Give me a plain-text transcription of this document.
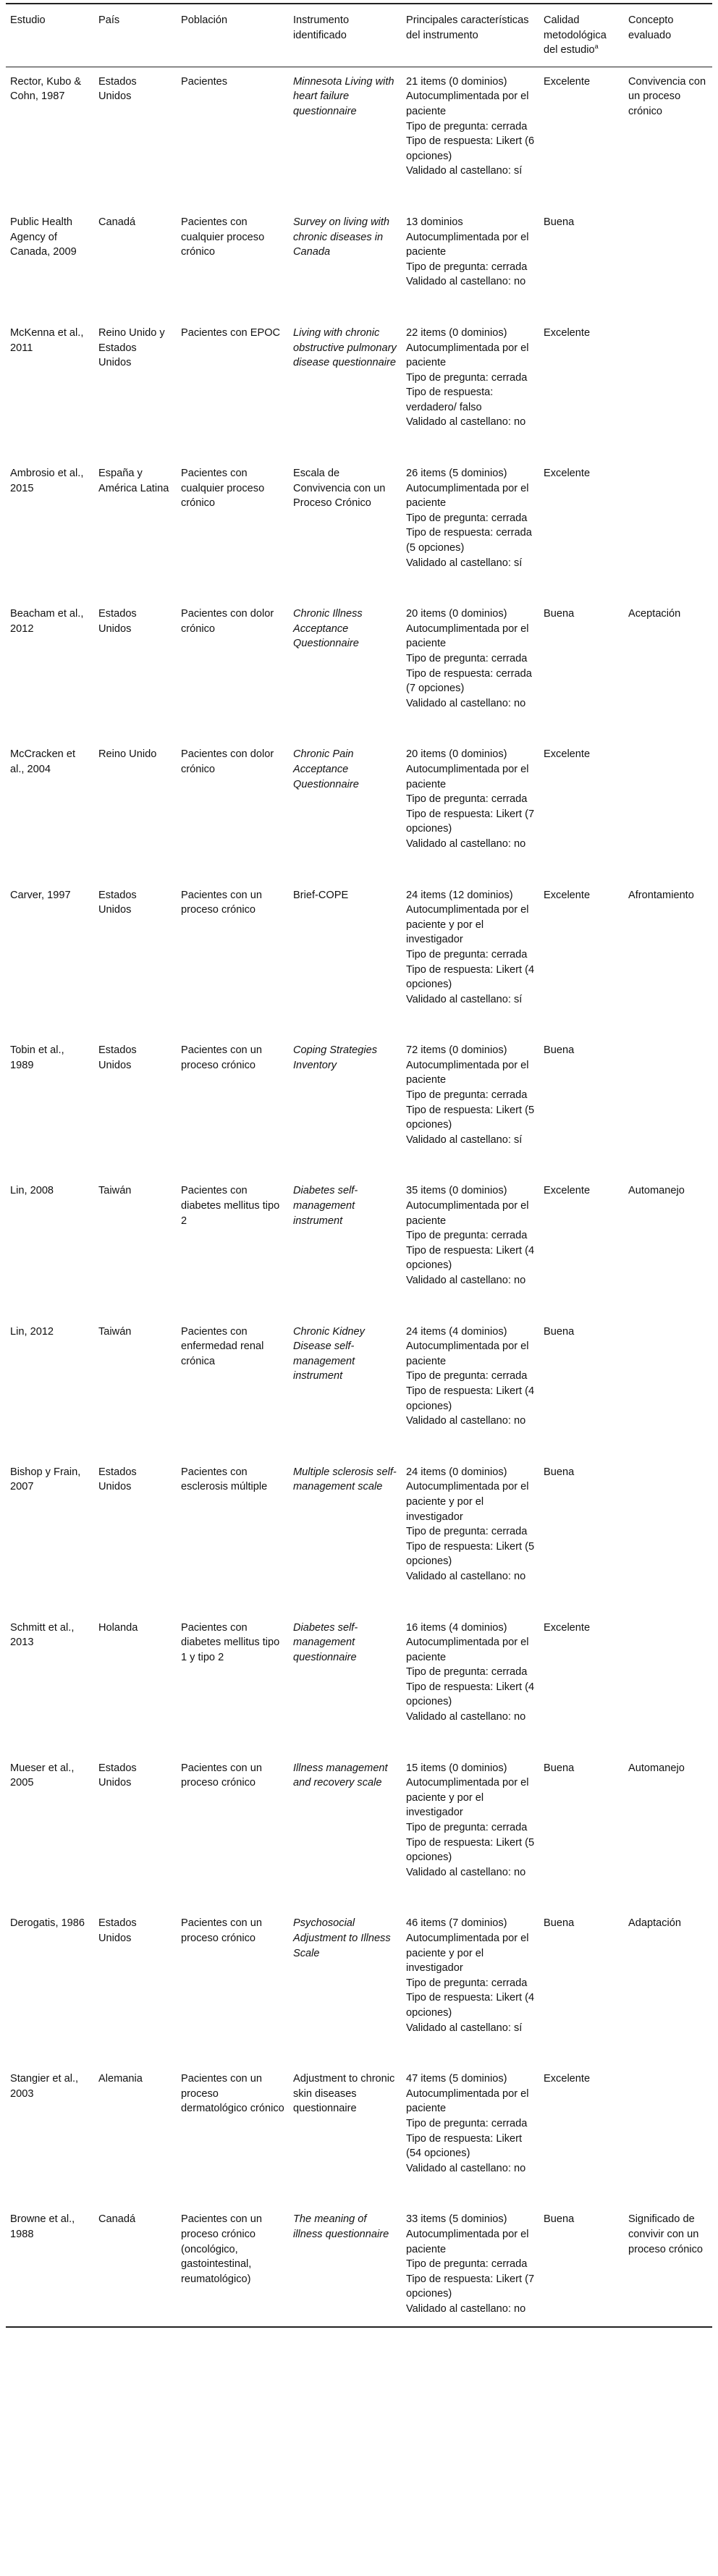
Estudio	País	Población	Instrumento identificado	Principales características del instrumento	Calidad metodológica del estudio$^a$	Concepto evaluado
Rector, Kubo & Cohn, 1987	Estados Unidos	Pacientes	Minnesota Living with heart failure questionnaire	21 items (0 dominios)
Autocumplimentada por el paciente
Tipo de pregunta: cerrada
Tipo de respuesta: Likert (6 opciones)
Validado al castellano: sí	Excelente	Convivencia con un proceso crónico
Public Health Agency of Canada, 2009	Canadá	Pacientes con cualquier proceso crónico	Survey on living with chronic diseases in Canada	13 dominios
Autocumplimentada por el paciente
Tipo de pregunta: cerrada
Validado al castellano: no	Buena	
McKenna et al., 2011	Reino Unido y Estados Unidos	Pacientes con EPOC	Living with chronic obstructive pulmonary disease questionnaire	22 items (0 dominios)
Autocumplimentada por el paciente
Tipo de pregunta: cerrada
Tipo de respuesta: verdadero/ falso
Validado al castellano: no	Excelente	
Ambrosio et al., 2015	España y América Latina	Pacientes con cualquier proceso crónico	Escala de Convivencia con un Proceso Crónico	26 items (5 dominios)
Autocumplimentada por el paciente
Tipo de pregunta: cerrada
Tipo de respuesta: cerrada (5 opciones)
Validado al castellano: sí	Excelente	
Beacham et al., 2012	Estados Unidos	Pacientes con dolor crónico	Chronic Illness Acceptance Questionnaire	20 items (0 dominios)
Autocumplimentada por el paciente
Tipo de pregunta: cerrada
Tipo de respuesta: cerrada (7 opciones)
Validado al castellano: no	Buena	Aceptación
McCracken et al., 2004	Reino Unido	Pacientes con dolor crónico	Chronic Pain Acceptance Questionnaire	20 items (0 dominios)
Autocumplimentada por el paciente
Tipo de pregunta: cerrada
Tipo de respuesta: Likert (7 opciones)
Validado al castellano: no	Excelente	
Carver, 1997	Estados Unidos	Pacientes con un proceso crónico	Brief-COPE	24 items (12 dominios)
Autocumplimentada por el paciente y por el investigador
Tipo de pregunta: cerrada
Tipo de respuesta: Likert (4 opciones)
Validado al castellano: sí	Excelente	Afrontamiento
Tobin et al., 1989	Estados Unidos	Pacientes con un proceso crónico	Coping Strategies Inventory	72 items (0 dominios)
Autocumplimentada por el paciente
Tipo de pregunta: cerrada
Tipo de respuesta: Likert (5 opciones)
Validado al castellano: sí	Buena	
Lin, 2008	Taiwán	Pacientes con diabetes mellitus tipo 2	Diabetes self-management instrument	35 items (0 dominios)
Autocumplimentada por el paciente
Tipo de pregunta: cerrada
Tipo de respuesta: Likert (4 opciones)
Validado al castellano: no	Excelente	Automanejo
Lin, 2012	Taiwán	Pacientes con enfermedad renal crónica	Chronic Kidney Disease self-management instrument	24 items (4 dominios)
Autocumplimentada por el paciente
Tipo de pregunta: cerrada
Tipo de respuesta: Likert (4 opciones)
Validado al castellano: no	Buena	
Bishop y Frain, 2007	Estados Unidos	Pacientes con esclerosis múltiple	Multiple sclerosis self-management scale	24 items (0 dominios)
Autocumplimentada por el paciente y por el investigador
Tipo de pregunta: cerrada
Tipo de respuesta: Likert (5 opciones)
Validado al castellano: no	Buena	
Schmitt et al., 2013	Holanda	Pacientes con diabetes mellitus tipo 1 y tipo 2	Diabetes self-management questionnaire	16 items (4 dominios)
Autocumplimentada por el paciente
Tipo de pregunta: cerrada
Tipo de respuesta: Likert (4 opciones)
Validado al castellano: no	Excelente	
Mueser et al., 2005	Estados Unidos	Pacientes con un proceso crónico	Illness management and recovery scale	15 items (0 dominios)
Autocumplimentada por el paciente y por el investigador
Tipo de pregunta: cerrada
Tipo de respuesta: Likert (5 opciones)
Validado al castellano: no	Buena	Automanejo
Derogatis, 1986	Estados Unidos	Pacientes con un proceso crónico	Psychosocial Adjustment to Illness Scale	46 items (7 dominios)
Autocumplimentada por el paciente y por el investigador
Tipo de pregunta: cerrada
Tipo de respuesta: Likert (4 opciones)
Validado al castellano: sí	Buena	Adaptación
Stangier et al., 2003	Alemania	Pacientes con un proceso dermatológico crónico	Adjustment to chronic skin diseases questionnaire	47 items (5 dominios)
Autocumplimentada por el paciente
Tipo de pregunta: cerrada
Tipo de respuesta: Likert (54 opciones)
Validado al castellano: no	Excelente	
Browne et al., 1988	Canadá	Pacientes con un proceso crónico (oncológico, gastointestinal, reumatológico)	The meaning of illness questionnaire	33 items (5 dominios)
Autocumplimentada por el paciente
Tipo de pregunta: cerrada
Tipo de respuesta: Likert (7 opciones)
Validado al castellano: no	Buena	Significado de convivir con un proceso crónico
